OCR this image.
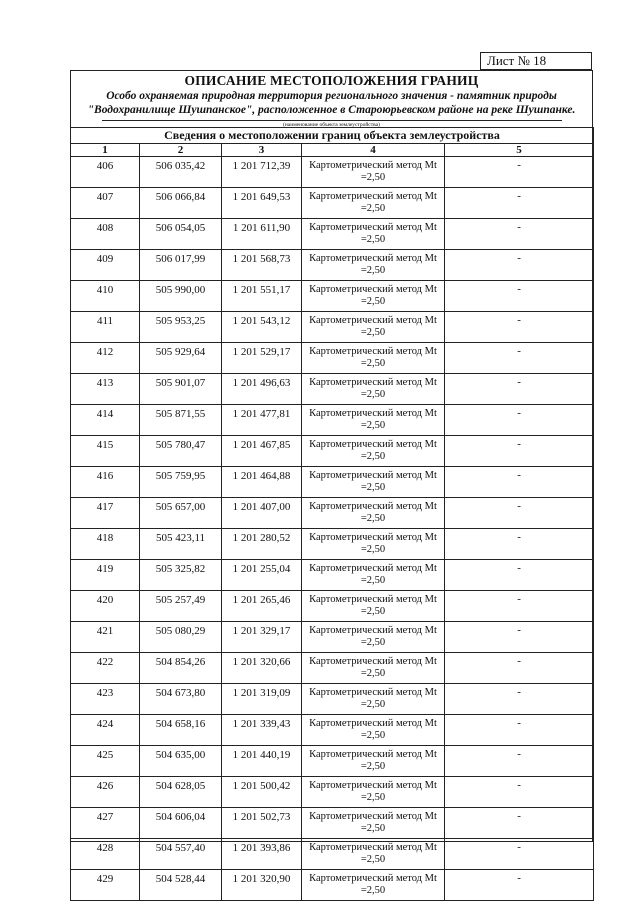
Лист № 18
ОПИСАНИЕ МЕСТОПОЛОЖЕНИЯ ГРАНИЦ
Особо охраняемая природная территория регионального значения - памятник природы
"Водохранилище Шушпанское", расположенное в Староюрьевском районе на реке Шушпанке.
(наименование объекта землеустройства)
Сведения о местоположении границ объекта землеустройства				
1	2	3	4	5
406	506 035,42	1 201 712,39	Картометрический метод Mt
=2,50	-
407	506 066,84	1 201 649,53	Картометрический метод Mt
=2,50	-
408	506 054,05	1 201 611,90	Картометрический метод Mt
=2,50	-
409	506 017,99	1 201 568,73	Картометрический метод Mt
=2,50	-
410	505 990,00	1 201 551,17	Картометрический метод Mt
=2,50	-
411	505 953,25	1 201 543,12	Картометрический метод Mt
=2,50	-
412	505 929,64	1 201 529,17	Картометрический метод Mt
=2,50	-
413	505 901,07	1 201 496,63	Картометрический метод Mt
=2,50	-
414	505 871,55	1 201 477,81	Картометрический метод Mt
=2,50	-
415	505 780,47	1 201 467,85	Картометрический метод Mt
=2,50	-
416	505 759,95	1 201 464,88	Картометрический метод Mt
=2,50	-
417	505 657,00	1 201 407,00	Картометрический метод Mt
=2,50	-
418	505 423,11	1 201 280,52	Картометрический метод Mt
=2,50	-
419	505 325,82	1 201 255,04	Картометрический метод Mt
=2,50	-
420	505 257,49	1 201 265,46	Картометрический метод Mt
=2,50	-
421	505 080,29	1 201 329,17	Картометрический метод Mt
=2,50	-
422	504 854,26	1 201 320,66	Картометрический метод Mt
=2,50	-
423	504 673,80	1 201 319,09	Картометрический метод Mt
=2,50	-
424	504 658,16	1 201 339,43	Картометрический метод Mt
=2,50	-
425	504 635,00	1 201 440,19	Картометрический метод Mt
=2,50	-
426	504 628,05	1 201 500,42	Картометрический метод Mt
=2,50	-
427	504 606,04	1 201 502,73	Картометрический метод Mt
=2,50	-
428	504 557,40	1 201 393,86	Картометрический метод Mt
=2,50	-
429	504 528,44	1 201 320,90	Картометрический метод Mt
=2,50	-
